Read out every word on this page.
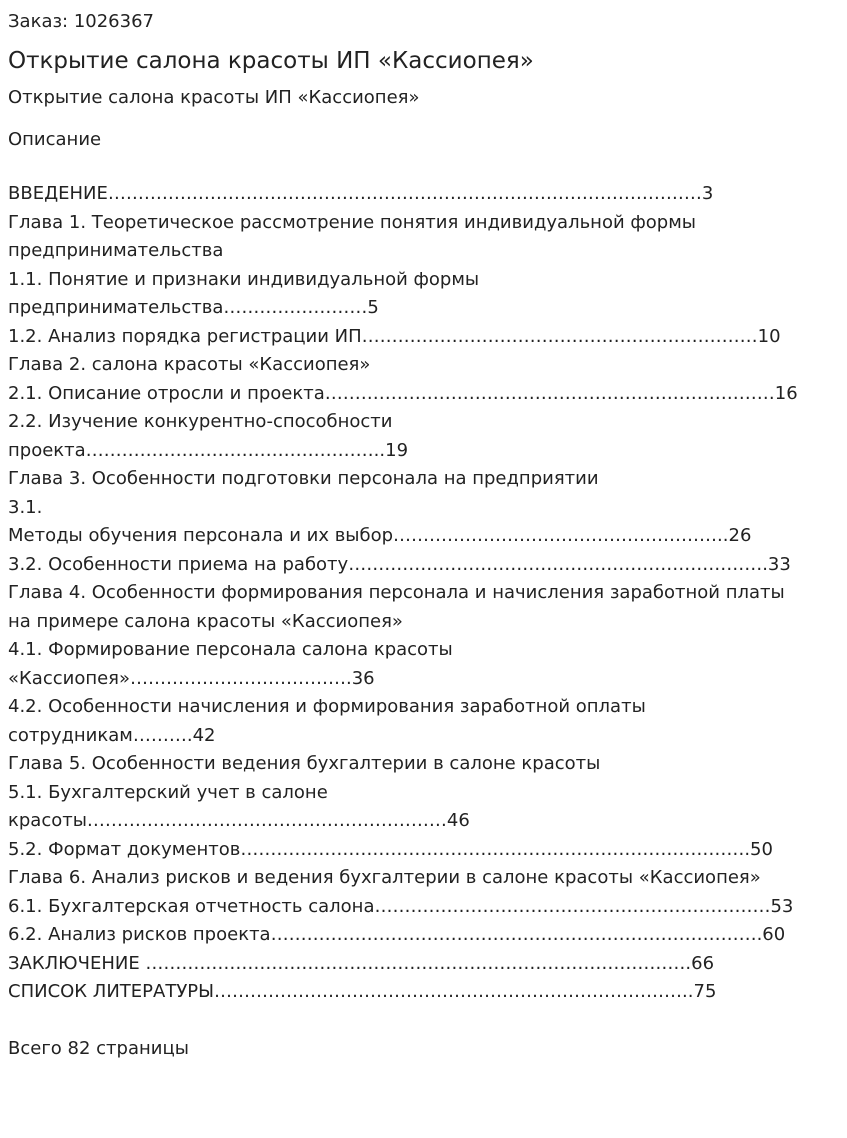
Заказ: 1026367
Открытие салона красоты ИП «Кассиопея»
Открытие салона красоты ИП «Кассиопея»
Описание
ВВЕДЕНИЕ………………………………………………………………………………………3
Глава 1. Теоретическое рассмотрение понятия индивидуальной формы
предпринимательства
1.1. Понятие и признаки индивидуальной формы
предпринимательства……………………5
1.2. Анализ порядка регистрации ИП…………………………………………………………10
Глава 2. салона красоты «Кассиопея»
2.1. Описание отросли и проекта…………………………………………………………………16
2.2. Изучение конкурентно-способности
проекта…………………………………………..19
Глава 3. Особенности подготовки персонала на предприятии
3.1.
Методы обучения персонала и их выбор………………………………………………..26
3.2. Особенности приема на работу…………………………………………………………….33
Глава 4. Особенности формирования персонала и начисления заработной платы
на примере салона красоты «Кассиопея»
4.1. Формирование персонала салона красоты
«Кассиопея»……………………………….36
4.2. Особенности начисления и формирования заработной оплаты
сотрудникам……….42
Глава 5. Особенности ведения бухгалтерии в салоне красоты
5.1. Бухгалтерский учет в салоне
красоты……………………………………………………46
5.2. Формат документов………………………………………………………………………….50
Глава 6. Анализ рисков и ведения бухгалтерии в салоне красоты «Кассиопея»
6.1. Бухгалтерская отчетность салона…………………………………………………………53
6.2. Анализ рисков проекта……………………………………………………………………….60
ЗАКЛЮЧЕНИЕ ……………………………………………………………………………….66
СПИСОК ЛИТЕРАТУРЫ……………………………………………………………………..75
Всего 82 страницы
